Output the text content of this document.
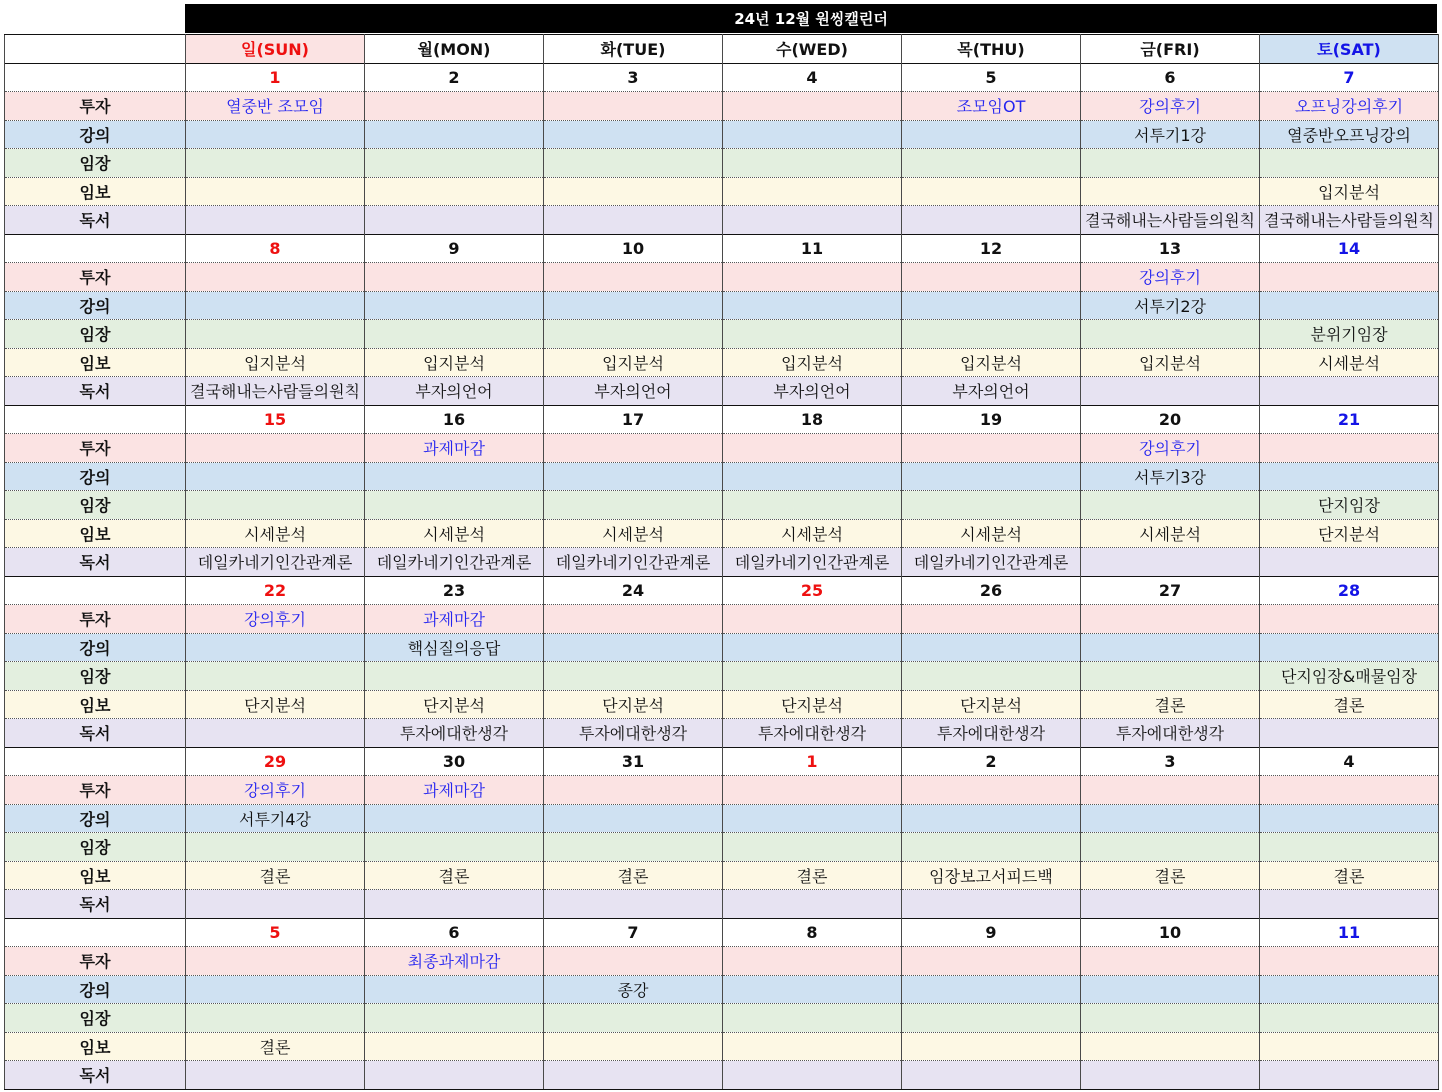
24년 12월 원씽캘린더
	일(SUN)	월(MON)	화(TUE)	수(WED)	목(THU)	금(FRI)	토(SAT)
	1	2	3	4	5	6	7
투자	열중반 조모임				조모임OT	강의후기	오프닝강의후기
강의						서투기1강	열중반오프닝강의
임장							
임보							입지분석
독서						결국해내는사람들의원칙	결국해내는사람들의원칙
	8	9	10	11	12	13	14
투자						강의후기	
강의						서투기2강	
임장							분위기임장
임보	입지분석	입지분석	입지분석	입지분석	입지분석	입지분석	시세분석
독서	결국해내는사람들의원칙	부자의언어	부자의언어	부자의언어	부자의언어		
	15	16	17	18	19	20	21
투자		과제마감				강의후기	
강의						서투기3강	
임장							단지임장
임보	시세분석	시세분석	시세분석	시세분석	시세분석	시세분석	단지분석
독서	데일카네기인간관계론	데일카네기인간관계론	데일카네기인간관계론	데일카네기인간관계론	데일카네기인간관계론		
	22	23	24	25	26	27	28
투자	강의후기	과제마감					
강의		핵심질의응답					
임장							단지임장&매물임장
임보	단지분석	단지분석	단지분석	단지분석	단지분석	결론	결론
독서		투자에대한생각	투자에대한생각	투자에대한생각	투자에대한생각	투자에대한생각	
	29	30	31	1	2	3	4
투자	강의후기	과제마감					
강의	서투기4강						
임장							
임보	결론	결론	결론	결론	임장보고서피드백	결론	결론
독서							
	5	6	7	8	9	10	11
투자		최종과제마감					
강의			종강				
임장							
임보	결론						
독서							
